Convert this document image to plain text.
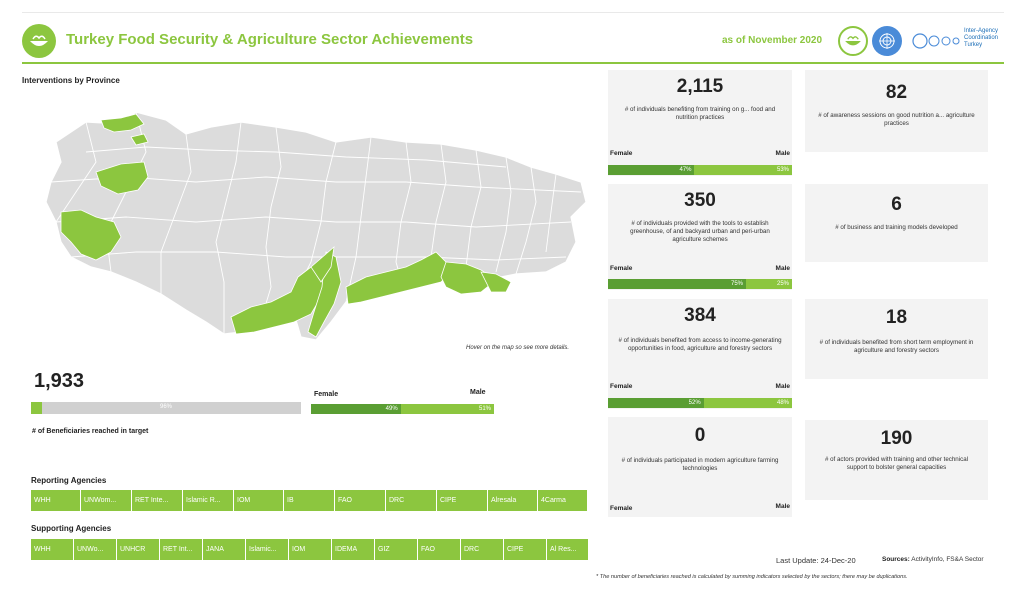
Turkey Food Security & Agriculture Sector Achievements	as of November 2020
Inter-Agency Coordination Turkey
Interventions by Province
Hover on the map so see more details.
1,933
96%
# of Beneficiaries reached in target
Female	Male
49%	51%
Reporting Agencies
WHH	UNWom...	RET Inte...	Islamic R...	IOM	IB	FAO	DRC	CIPE	Alresala	4Carma
Supporting Agencies
WHH	UNWo...	UNHCR	RET Int...	JANA	Islamic...	IOM	IDEMA	GIZ	FAO	DRC	CIPE	Al Res...
2,115
# of individuals benefiting from training on g... food and nutrition practices
Female	Male
47%	53%
350
# of individuals provided with the tools to establish greenhouse, of and backyard urban and peri-urban agriculture schemes
Female	Male
75%	25%
384
# of individuals benefited from access to income-generating opportunities in food, agriculture and forestry sectors
Female	Male
52%	48%
0
# of individuals participated in modern agriculture farming technologies
Female	Male
82
# of awareness sessions on good nutrition a... agriculture practices
6
# of business and training models developed
18
# of individuals benefited from short term employment in agriculture and forestry sectors
190
# of actors provided with training and other technical support to bolster general capacities
Last Update: 24-Dec-20	Sources: ActivityInfo, FS&A Sector
* The number of beneficiaries reached is calculated by summing indicators selected by the sectors; there may be duplications.
